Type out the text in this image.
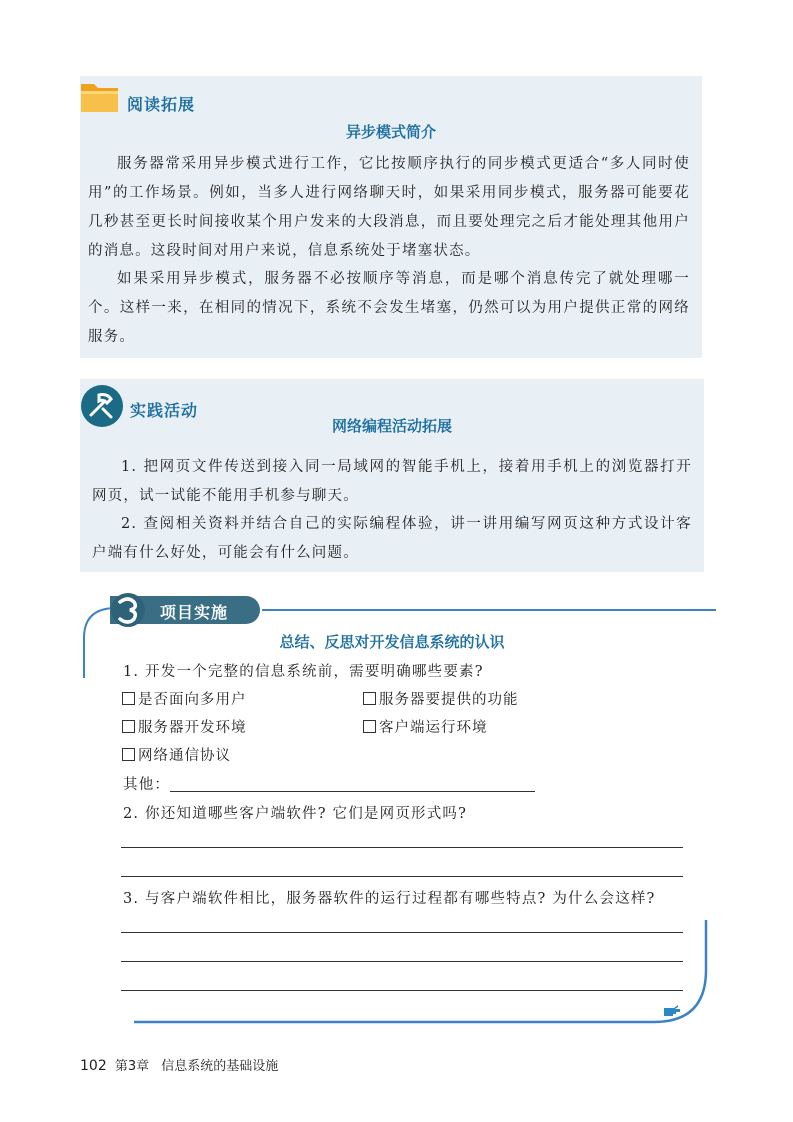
阅读拓展
异步模式简介
服务器常采用异步模式进行工作，它比按顺序执行的同步模式更适合“多人同时使用”的工作场景。例如，当多人进行网络聊天时，如果采用同步模式，服务器可能要花几秒甚至更长时间接收某个用户发来的大段消息，而且要处理完之后才能处理其他用户的消息。这段时间对用户来说，信息系统处于堵塞状态。
如果采用异步模式，服务器不必按顺序等消息，而是哪个消息传完了就处理哪一个。这样一来，在相同的情况下，系统不会发生堵塞，仍然可以为用户提供正常的网络服务。
实践活动
网络编程活动拓展
1. 把网页文件传送到接入同一局域网的智能手机上，接着用手机上的浏览器打开网页，试一试能不能用手机参与聊天。
2. 查阅相关资料并结合自己的实际编程体验，讲一讲用编写网页这种方式设计客户端有什么好处，可能会有什么问题。
项目实施
总结、反思对开发信息系统的认识
1. 开发一个完整的信息系统前，需要明确哪些要素?
是否面向多用户	服务器要提供的功能
服务器开发环境	客户端运行环境
网络通信协议
其他：
2. 你还知道哪些客户端软件? 它们是网页形式吗?
3. 与客户端软件相比，服务器软件的运行过程都有哪些特点? 为什么会这样?
102 第3章 信息系统的基础设施
